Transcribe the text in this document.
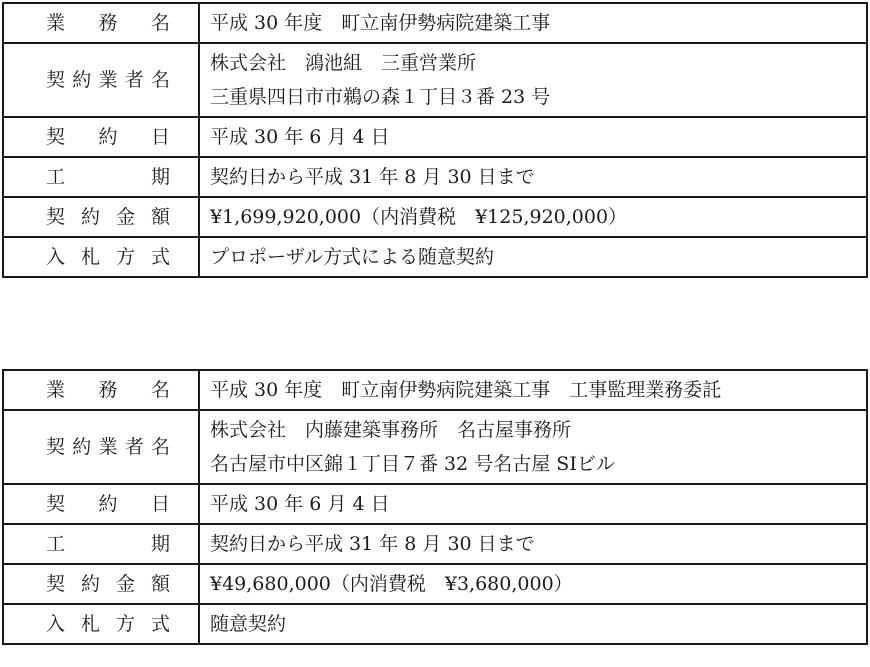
業務名	平成 30 年度　町立南伊勢病院建築工事
契約業者名	株式会社　鴻池組　三重営業所
三重県四日市市鵜の森１丁目３番 23 号

契約日	平成 30 年 6 月 4 日
工期	契約日から平成 31 年 8 月 30 日まで
契約金額	¥1,699,920,000（内消費税　¥125,920,000）
入札方式	プロポーザル方式による随意契約
業務名	平成 30 年度　町立南伊勢病院建築工事　工事監理業務委託
契約業者名	株式会社　内藤建築事務所　名古屋事務所
名古屋市中区錦１丁目７番 32 号名古屋 SIビル

契約日	平成 30 年 6 月 4 日
工期	契約日から平成 31 年 8 月 30 日まで
契約金額	¥49,680,000（内消費税　¥3,680,000）
入札方式	随意契約
